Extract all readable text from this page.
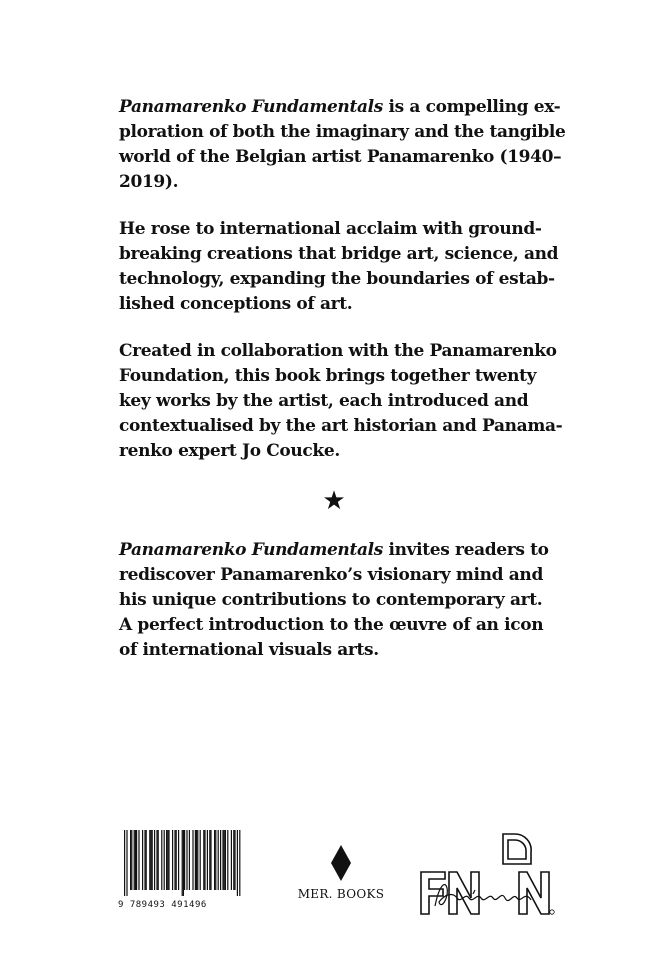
Panamarenko Fundamentals is a compelling ex-
ploration of both the imaginary and the tangible
world of the Belgian artist Panamarenko (1940–
2019).

He rose to international acclaim with ground-
breaking creations that bridge art, science, and
technology, expanding the boundaries of estab-
lished conceptions of art.

Created in collaboration with the Panamarenko
Foundation, this book brings together twenty
key works by the artist, each introduced and
contextualised by the art historian and Panama-
renko expert Jo Coucke.

★

Panamarenko Fundamentals invites readers to
rediscover Panamarenko’s visionary mind and
his unique contributions to contemporary art.
A perfect introduction to the œuvre of an icon
of international visuals arts.

9 789493 491496
MER. BOOKS
